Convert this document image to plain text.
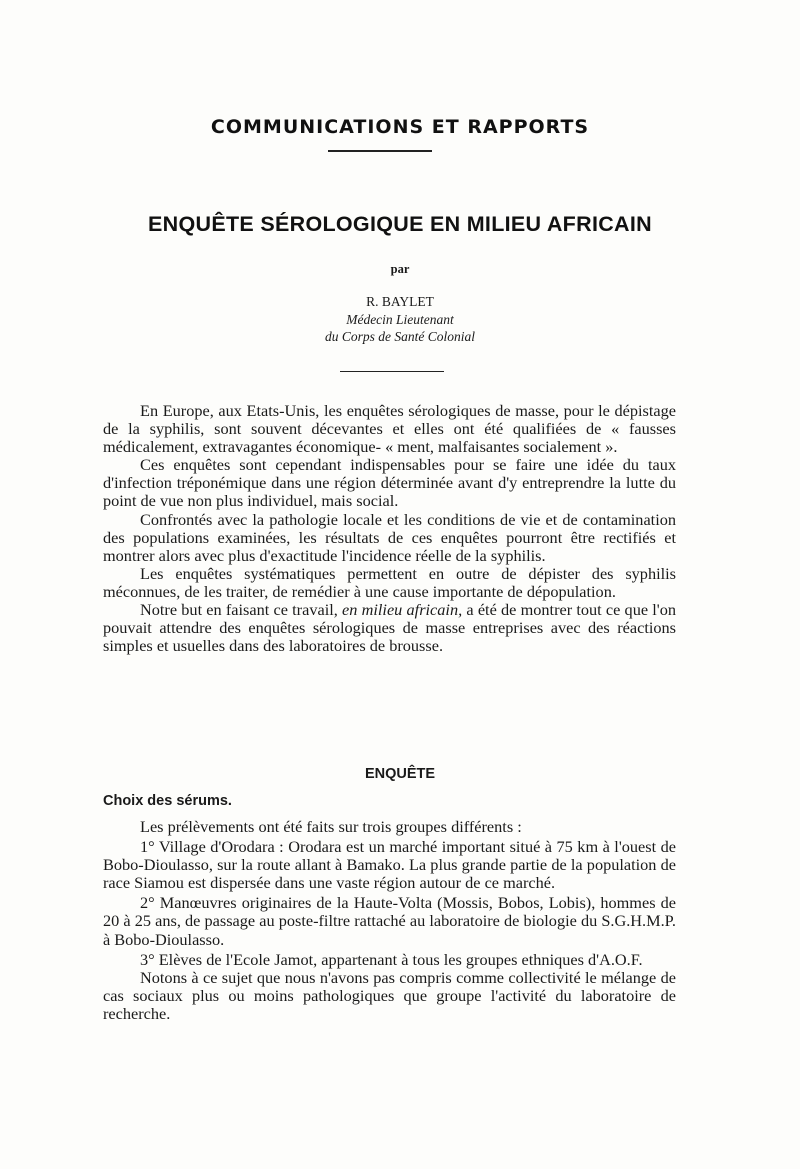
COMMUNICATIONS ET RAPPORTS
ENQUÊTE SÉROLOGIQUE EN MILIEU AFRICAIN
par
R. BAYLET
Médecin Lieutenant
du Corps de Santé Colonial

En Europe, aux Etats-Unis, les enquêtes sérologiques de masse, pour le dépistage de la syphilis, sont souvent décevantes et elles ont été qualifiées de « fausses médicalement, extravagantes économique- « ment, malfaisantes socialement ».

Ces enquêtes sont cependant indispensables pour se faire une idée du taux d'infection tréponémique dans une région déterminée avant d'y entreprendre la lutte du point de vue non plus individuel, mais social.

Confrontés avec la pathologie locale et les conditions de vie et de contamination des populations examinées, les résultats de ces enquêtes pourront être rectifiés et montrer alors avec plus d'exactitude l'incidence réelle de la syphilis.

Les enquêtes systématiques permettent en outre de dépister des syphilis méconnues, de les traiter, de remédier à une cause importante de dépopulation.

Notre but en faisant ce travail, en milieu africain, a été de montrer tout ce que l'on pouvait attendre des enquêtes sérologiques de masse entreprises avec des réactions simples et usuelles dans des laboratoires de brousse.

ENQUÊTE
Choix des sérums.

Les prélèvements ont été faits sur trois groupes différents :

1° Village d'Orodara : Orodara est un marché important situé à 75 km à l'ouest de Bobo-Dioulasso, sur la route allant à Bamako. La plus grande partie de la population de race Siamou est dispersée dans une vaste région autour de ce marché.

2° Manœuvres originaires de la Haute-Volta (Mossis, Bobos, Lobis), hommes de 20 à 25 ans, de passage au poste-filtre rattaché au laboratoire de biologie du S.G.H.M.P. à Bobo-Dioulasso.

3° Elèves de l'Ecole Jamot, appartenant à tous les groupes ethniques d'A.O.F.

Notons à ce sujet que nous n'avons pas compris comme collectivité le mélange de cas sociaux plus ou moins pathologiques que groupe l'activité du laboratoire de recherche.
